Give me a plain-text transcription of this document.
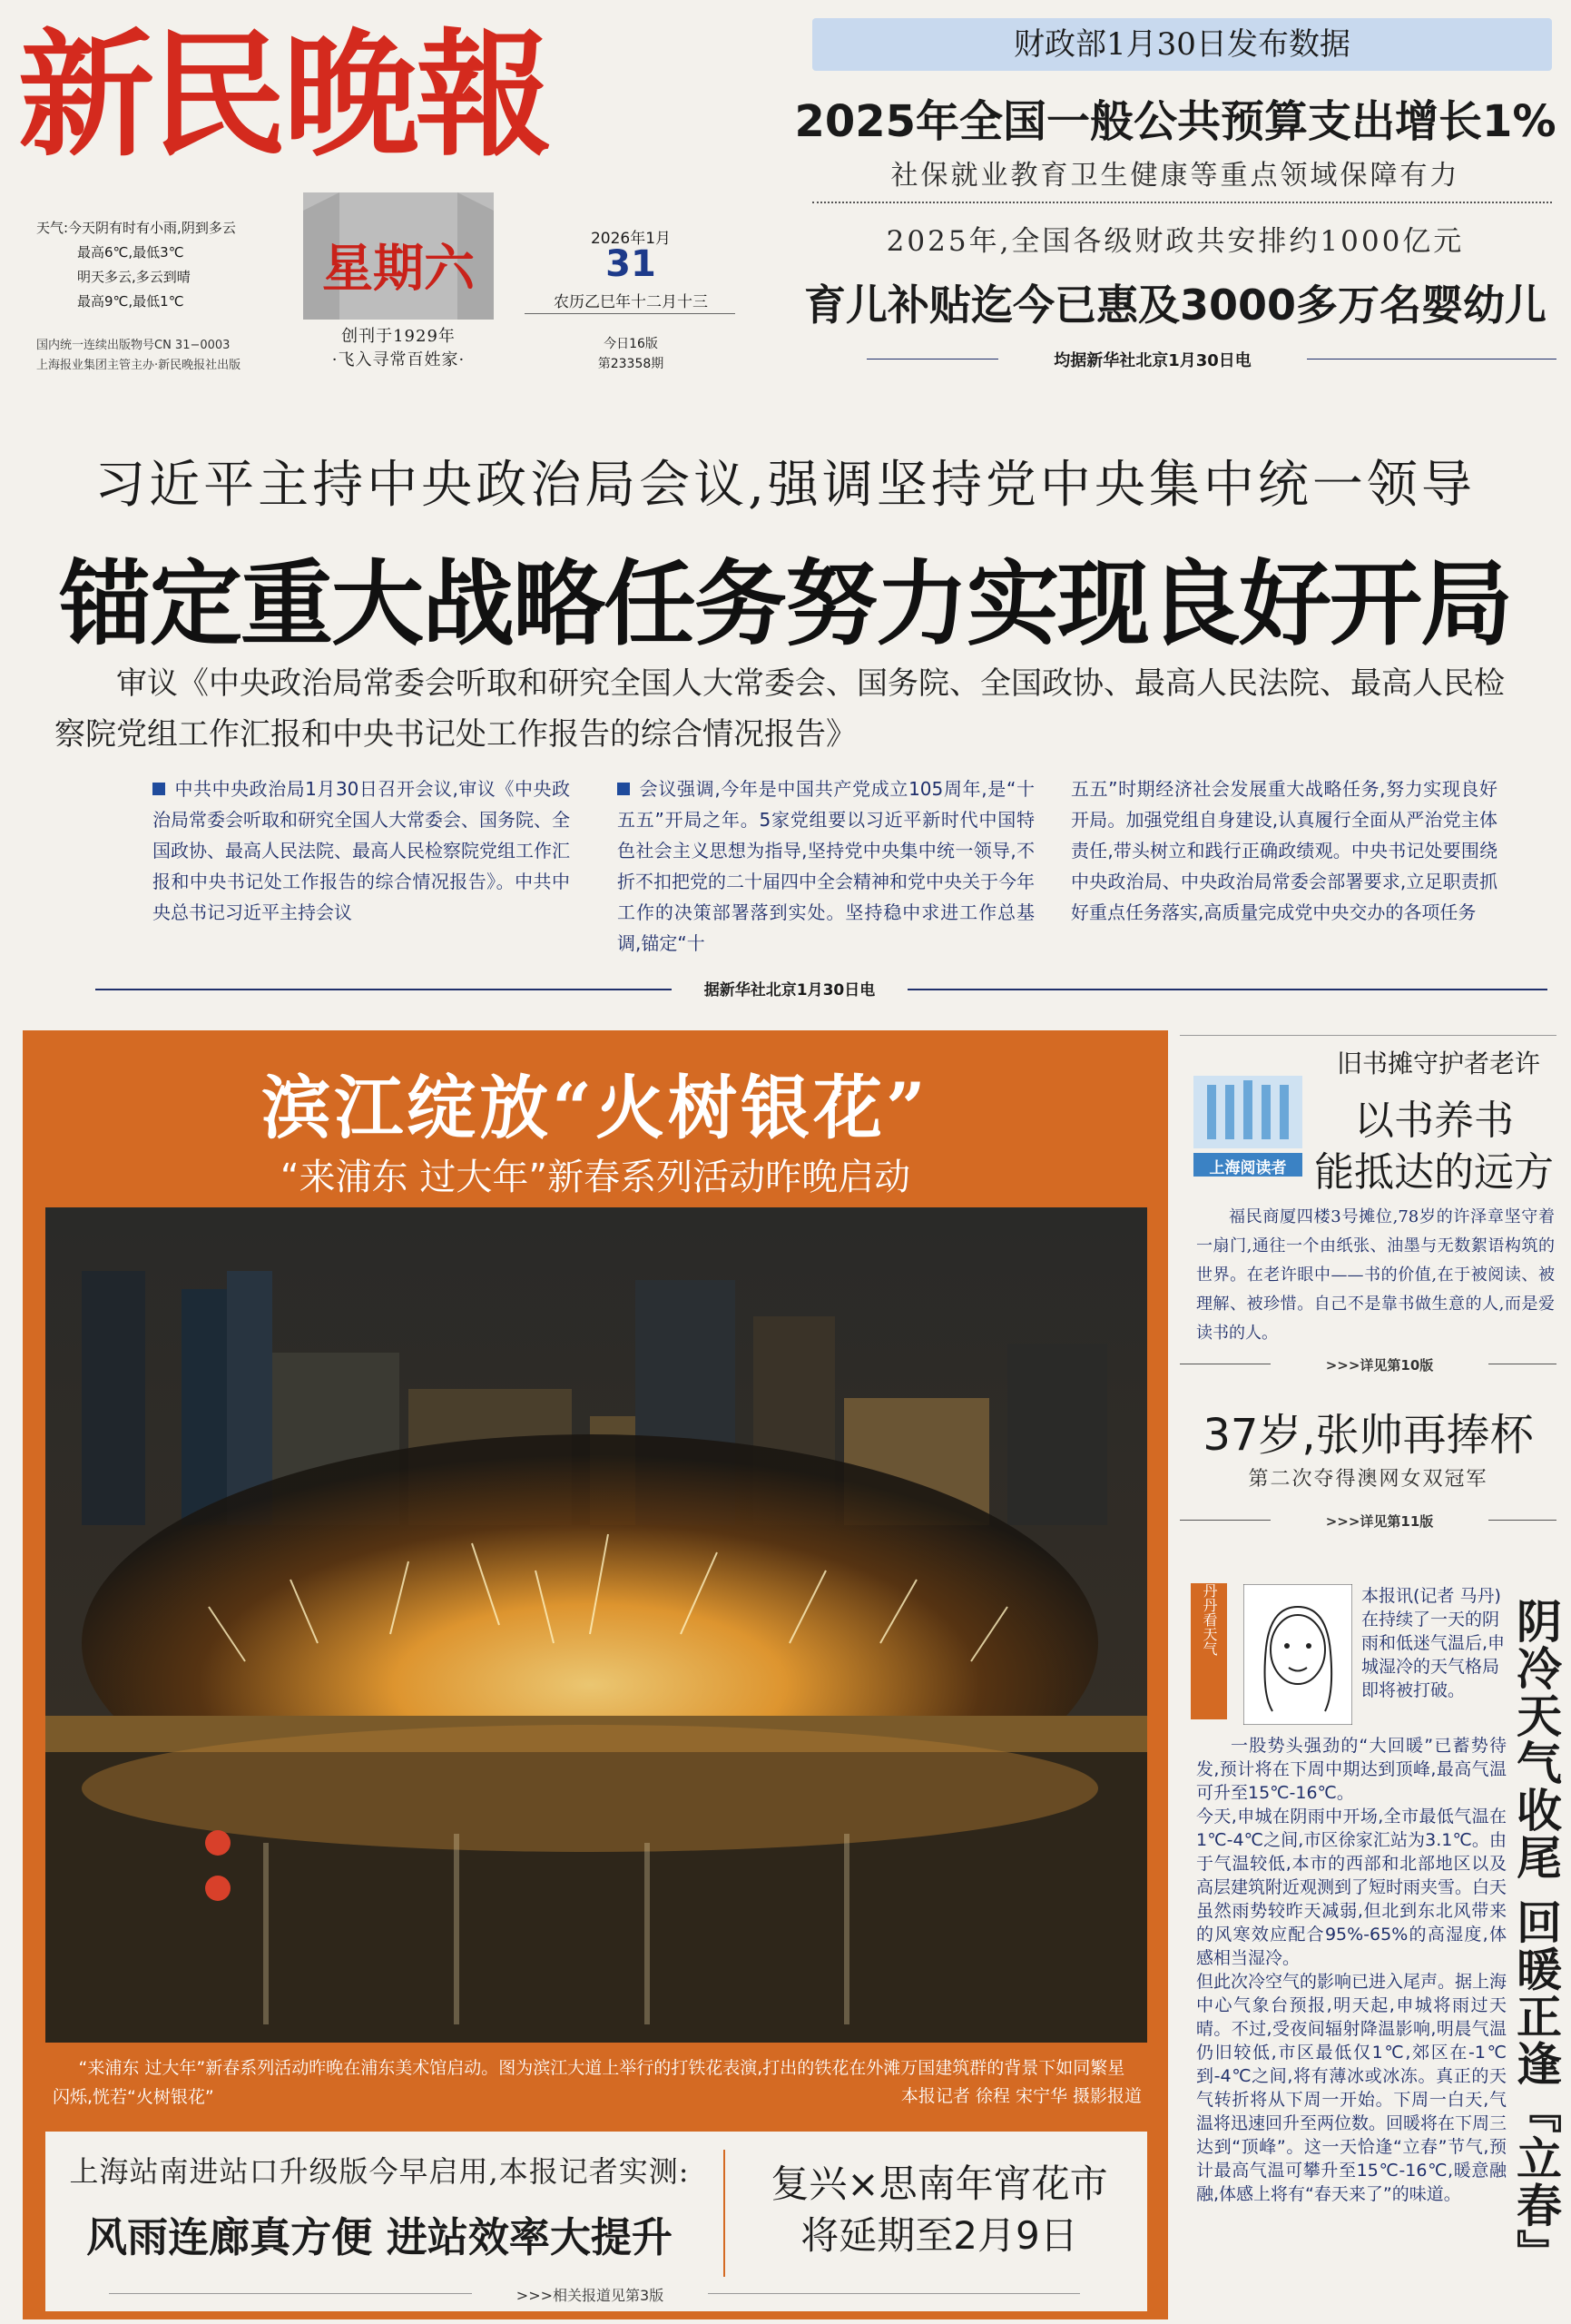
新民晚報
天气:今天阴有时有小雨,阴到多云
最高6℃,最低3℃
明天多云,多云到晴
最高9℃,最低1℃
国内统一连续出版物号CN 31−0003
上海报业集团主管主办·新民晚报社出版
星期六
创刊于1929年
·飞入寻常百姓家·
2026年1月
31
农历乙巳年十二月十三
今日16版
第23358期
财政部1月30日发布数据
2025年全国一般公共预算支出增长1%
社保就业教育卫生健康等重点领域保障有力
2025年,全国各级财政共安排约1000亿元
育儿补贴迄今已惠及3000多万名婴幼儿
均据新华社北京1月30日电
习近平主持中央政治局会议,强调坚持党中央集中统一领导
锚定重大战略任务努力实现良好开局
审议《中央政治局常委会听取和研究全国人大常委会、国务院、全国政协、最高人民法院、最高人民检察院党组工作汇报和中央书记处工作报告的综合情况报告》
中共中央政治局1月30日召开会议,审议《中央政治局常委会听取和研究全国人大常委会、国务院、全国政协、最高人民法院、最高人民检察院党组工作汇报和中央书记处工作报告的综合情况报告》。中共中央总书记习近平主持会议
会议强调,今年是中国共产党成立105周年,是“十五五”开局之年。5家党组要以习近平新时代中国特色社会主义思想为指导,坚持党中央集中统一领导,不折不扣把党的二十届四中全会精神和党中央关于今年工作的决策部署落到实处。坚持稳中求进工作总基调,锚定“十
五五”时期经济社会发展重大战略任务,努力实现良好开局。加强党组自身建设,认真履行全面从严治党主体责任,带头树立和践行正确政绩观。中央书记处要围绕中央政治局、中央政治局常委会部署要求,立足职责抓好重点任务落实,高质量完成党中央交办的各项任务
据新华社北京1月30日电
滨江绽放“火树银花”
“来浦东 过大年”新春系列活动昨晚启动
“来浦东 过大年”新春系列活动昨晚在浦东美术馆启动。图为滨江大道上举行的打铁花表演,打出的铁花在外滩万国建筑群的背景下如同繁星闪烁,恍若“火树银花”	本报记者 徐程 宋宁华 摄影报道
上海站南进站口升级版今早启用,本报记者实测:
风雨连廊真方便 进站效率大提升
复兴×思南年宵花市
将延期至2月9日
>>>相关报道见第3版
旧书摊守护者老许
上海阅读者
以书养书
能抵达的远方
福民商厦四楼3号摊位,78岁的许泽章坚守着一扇门,通往一个由纸张、油墨与无数絮语构筑的世界。在老许眼中——书的价值,在于被阅读、被理解、被珍惜。自己不是靠书做生意的人,而是爱读书的人。
>>>详见第10版
37岁,张帅再捧杯
第二次夺得澳网女双冠军
>>>详见第11版
丹丹
看天气
本报讯(记者 马丹)在持续了一天的阴雨和低迷气温后,申城湿冷的天气格局即将被打破。
一股势头强劲的“大回暖”已蓄势待发,预计将在下周中期达到顶峰,最高气温可升至15℃-16℃。
今天,申城在阴雨中开场,全市最低气温在1℃-4℃之间,市区徐家汇站为3.1℃。由于气温较低,本市的西部和北部地区以及高层建筑附近观测到了短时雨夹雪。白天虽然雨势较昨天减弱,但北到东北风带来的风寒效应配合95%-65%的高湿度,体感相当湿冷。
但此次冷空气的影响已进入尾声。据上海中心气象台预报,明天起,申城将雨过天晴。不过,受夜间辐射降温影响,明晨气温仍旧较低,市区最低仅1℃,郊区在-1℃到-4℃之间,将有薄冰或冰冻。真正的天气转折将从下周一开始。下周一白天,气温将迅速回升至两位数。回暖将在下周三达到“顶峰”。这一天恰逢“立春”节气,预计最高气温可攀升至15℃-16℃,暖意融融,体感上将有“春天来了”的味道。	阴冷天气收尾 回暖正逢『立春』
